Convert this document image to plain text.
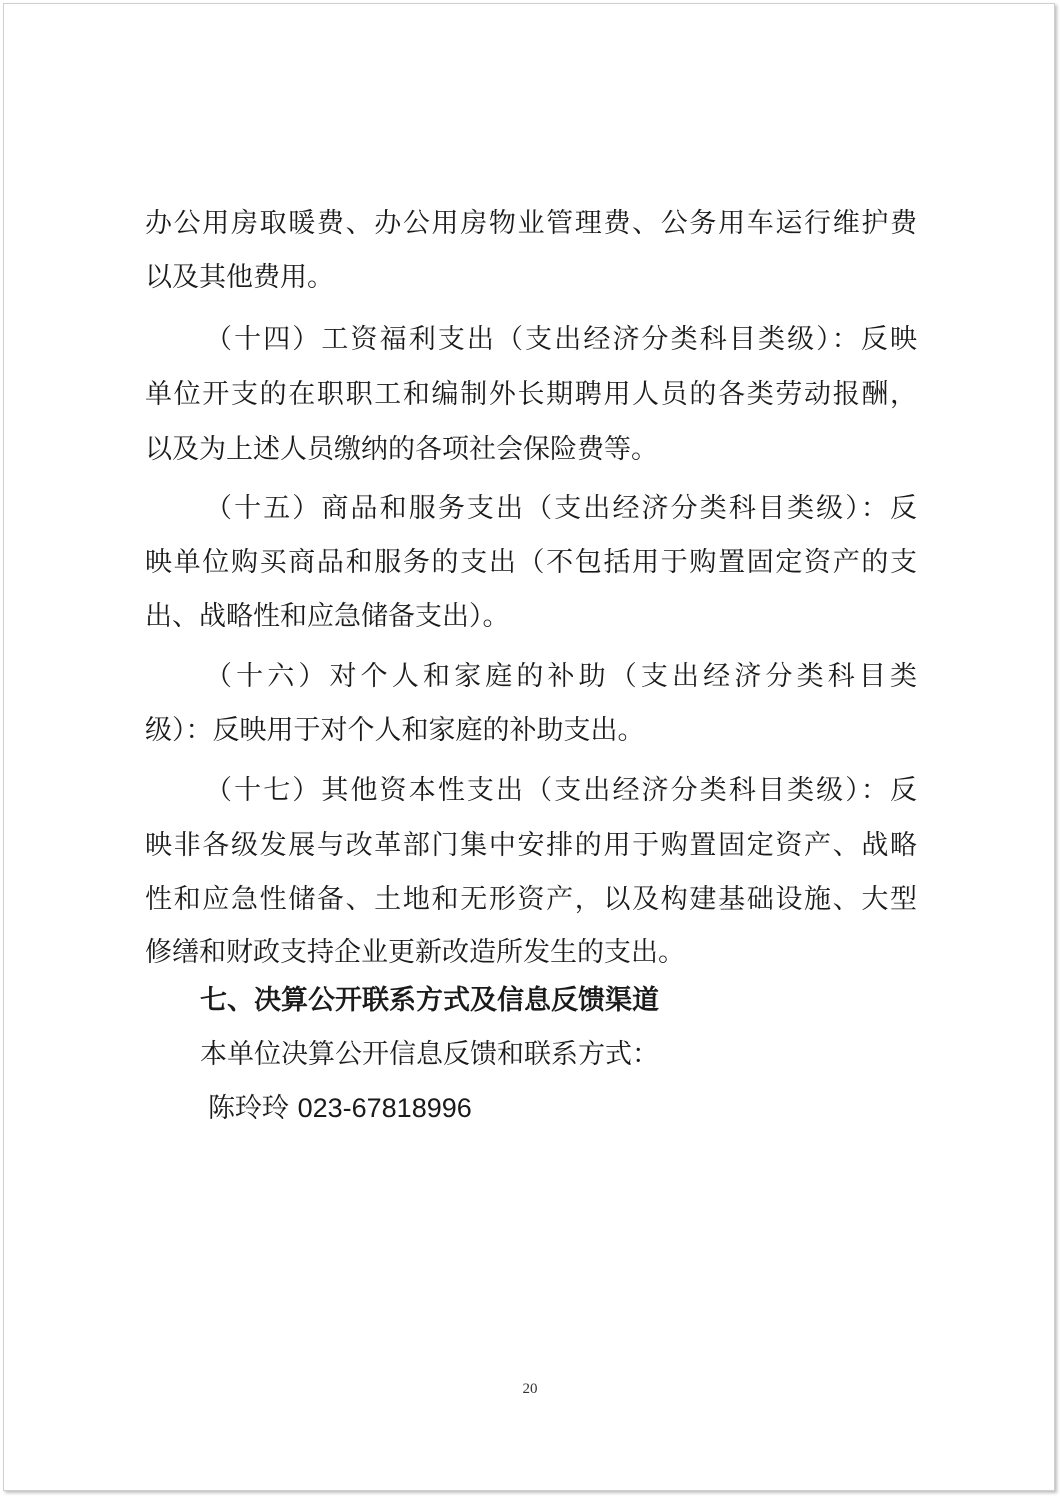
办公用房取暖费、办公用房物业管理费、公务用车运行维护费
以及其他费用。
（十四）工资福利支出（支出经济分类科目类级）：反映
单位开支的在职职工和编制外长期聘用人员的各类劳动报酬，
以及为上述人员缴纳的各项社会保险费等。
（十五）商品和服务支出（支出经济分类科目类级）：反
映单位购买商品和服务的支出（不包括用于购置固定资产的支
出、战略性和应急储备支出）。
（十六）对个人和家庭的补助（支出经济分类科目类
级）：反映用于对个人和家庭的补助支出。
（十七）其他资本性支出（支出经济分类科目类级）：反
映非各级发展与改革部门集中安排的用于购置固定资产、战略
性和应急性储备、土地和无形资产，以及构建基础设施、大型
修缮和财政支持企业更新改造所发生的支出。
七、决算公开联系方式及信息反馈渠道
本单位决算公开信息反馈和联系方式：
陈玲玲 023-67818996
20
